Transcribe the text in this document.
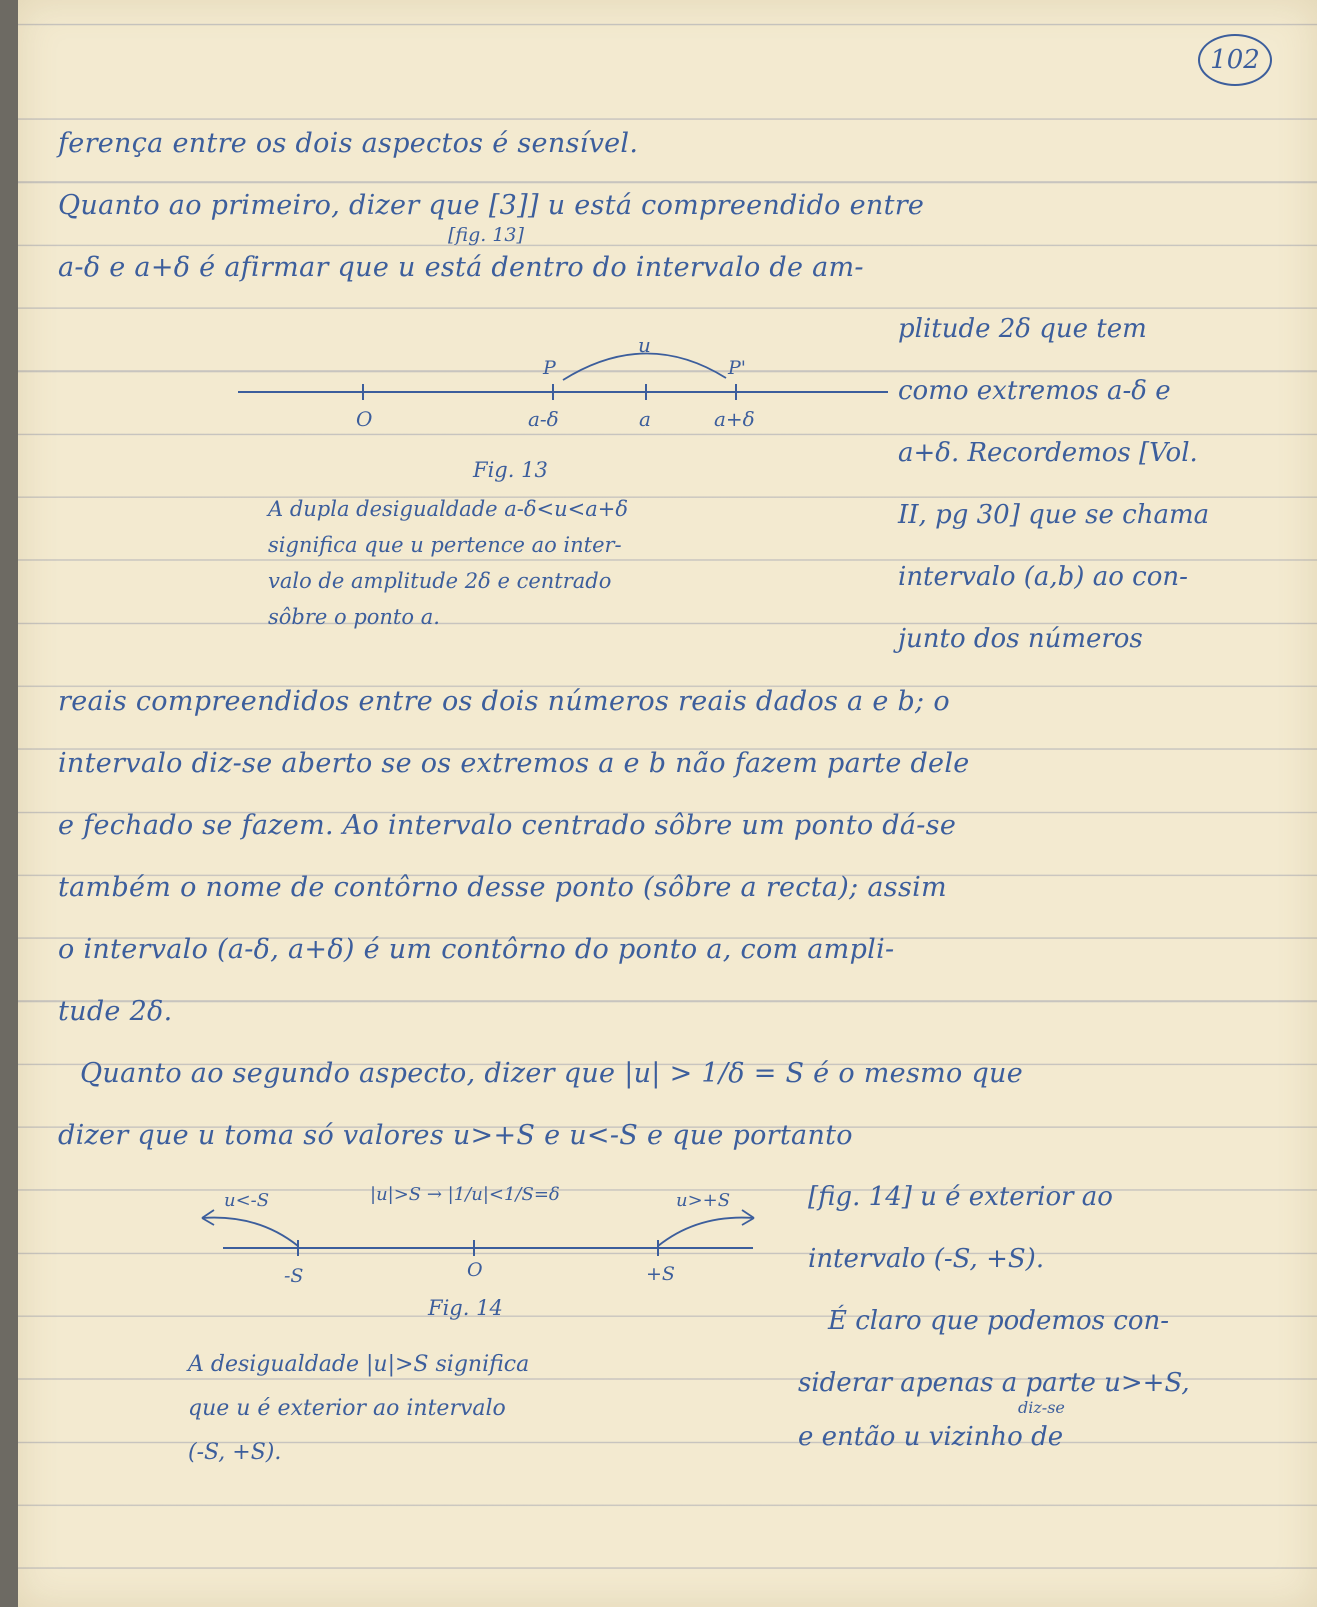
102
ferença entre os dois aspectos é sensível.
Quanto ao primeiro, dizer que [3]] u está compreendido entre
[fig. 13]
a-δ e a+δ é afirmar que u está dentro do intervalo de am-
plitude 2δ que tem
como extremos a-δ e
a+δ. Recordemos [Vol.
II, pg 30] que se chama
intervalo (a,b) ao con-
junto dos números
u
P	P'
O	a-δ	a	a+δ
Fig. 13
A dupla desigualdade a-δ<u<a+δ
significa que u pertence ao inter-
valo de amplitude 2δ e centrado
sôbre o ponto a.
reais compreendidos entre os dois números reais dados a e b; o
intervalo diz-se aberto se os extremos a e b não fazem parte dele
e fechado se fazem. Ao intervalo centrado sôbre um ponto dá-se
também o nome de contôrno desse ponto (sôbre a recta); assim
o intervalo (a-δ, a+δ) é um contôrno do ponto a, com ampli-
tude 2δ.
Quanto ao segundo aspecto, dizer que |u| > 1/δ = S é o mesmo que
dizer que u toma só valores u>+S e u<-S e que portanto
[fig. 14] u é exterior ao
intervalo (-S, +S).
É claro que podemos con-
siderar apenas a parte u>+S,
diz-se
e então u vizinho de
u<-S	|u|>S → |1/u|<1/S=δ	u>+S
-S	O	+S
Fig. 14
A desigualdade |u|>S significa
que u é exterior ao intervalo
(-S, +S).
